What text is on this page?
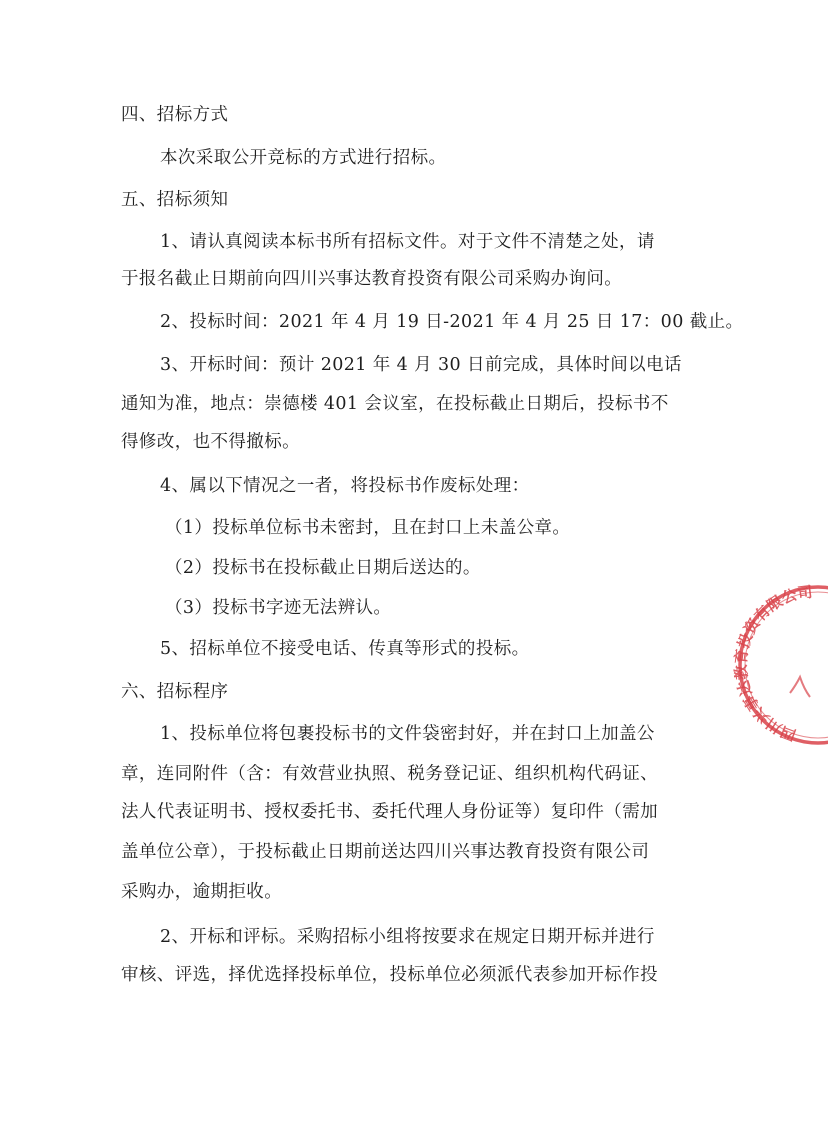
四、招标方式

本次采取公开竞标的方式进行招标。

五、招标须知

1、请认真阅读本标书所有招标文件。对于文件不清楚之处，请

于报名截止日期前向四川兴事达教育投资有限公司采购办询问。

2、投标时间：2021 年 4 月 19 日-2021 年 4 月 25 日 17：00 截止。

3、开标时间：预计 2021 年 4 月 30 日前完成，具体时间以电话

通知为准，地点：崇德楼 401 会议室，在投标截止日期后，投标书不

得修改，也不得撤标。

4、属以下情况之一者，将投标书作废标处理：

（1）投标单位标书未密封，且在封口上未盖公章。

（2）投标书在投标截止日期后送达的。

（3）投标书字迹无法辨认。

5、招标单位不接受电话、传真等形式的投标。

六、招标程序

1、投标单位将包裹投标书的文件袋密封好，并在封口上加盖公

章，连同附件（含：有效营业执照、税务登记证、组织机构代码证、

法人代表证明书、授权委托书、委托代理人身份证等）复印件（需加

盖单位公章），于投标截止日期前送达四川兴事达教育投资有限公司

采购办，逾期拒收。

2、开标和评标。采购招标小组将按要求在规定日期开标并进行

审核、评选，择优选择投标单位，投标单位必须派代表参加开标作投

四川兴事达教育投资有限公司
